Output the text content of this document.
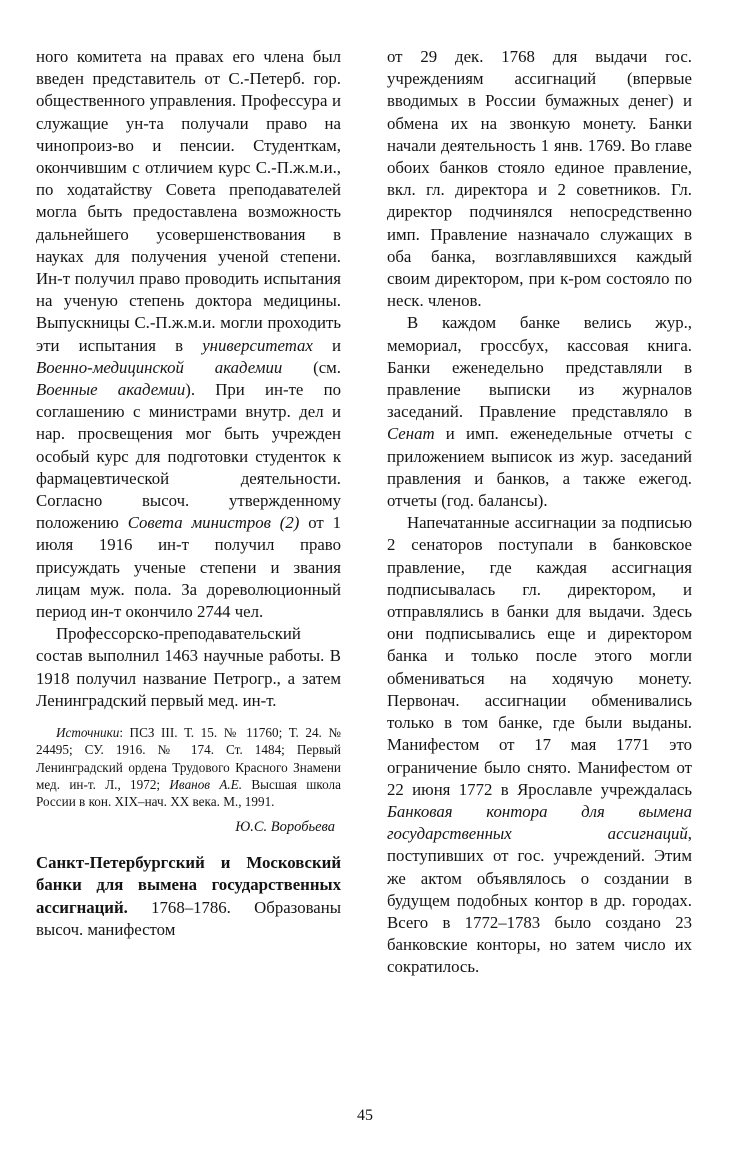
ного комитета на правах его члена был введен представитель от С.-Петерб. гор. общественного управления. Профессура и служащие ун-та получали право на чинопроиз-во и пенсии. Студенткам, окончившим с отличием курс С.-П.ж.м.и., по ходатайству Совета преподавателей могла быть предоставлена возможность дальнейшего усовершенствования в науках для получения ученой степени. Ин-т получил право проводить испытания на ученую степень доктора медицины. Выпускницы С.-П.ж.м.и. могли проходить эти испытания в университетах и Военно-медицинской академии (см. Военные академии). При ин-те по соглашению с министрами внутр. дел и нар. просвещения мог быть учрежден особый курс для подготовки студенток к фармацевтической деятельности. Согласно высоч. утвержденному положению Совета министров (2) от 1 июля 1916 ин-т получил право присуждать ученые степени и звания лицам муж. пола. За дореволюционный период ин-т окончило 2744 чел.

Профессорско-преподавательский состав выполнил 1463 научные работы. В 1918 получил название Петрогр., а затем Ленинградский первый мед. ин-т.

Источники: ПСЗ III. Т. 15. № 11760; Т. 24. № 24495; СУ. 1916. № 174. Ст. 1484; Первый Ленинградский ордена Трудового Красного Знамени мед. ин-т. Л., 1972; Иванов А.Е. Высшая школа России в кон. XIX–нач. XX века. М., 1991.

Ю.С. Воробьева

Санкт-Петербургский и Московский банки для вымена государственных ассигнаций. 1768–1786. Образованы высоч. манифестом

от 29 дек. 1768 для выдачи гос. учреждениям ассигнаций (впервые вводимых в России бумажных денег) и обмена их на звонкую монету. Банки начали деятельность 1 янв. 1769. Во главе обоих банков стояло единое правление, вкл. гл. директора и 2 советников. Гл. директор подчинялся непосредственно имп. Правление назначало служащих в оба банка, возглавлявшихся каждый своим директором, при к-ром состояло по неск. членов.

В каждом банке велись жур., мемориал, гроссбух, кассовая книга. Банки еженедельно представляли в правление выписки из журналов заседаний. Правление представляло в Сенат и имп. еженедельные отчеты с приложением выписок из жур. заседаний правления и банков, а также ежегод. отчеты (год. балансы).

Напечатанные ассигнации за подписью 2 сенаторов поступали в банковское правление, где каждая ассигнация подписывалась гл. директором, и отправлялись в банки для выдачи. Здесь они подписывались еще и директором банка и только после этого могли обмениваться на ходячую монету. Первонач. ассигнации обменивались только в том банке, где были выданы. Манифестом от 17 мая 1771 это ограничение было снято. Манифестом от 22 июня 1772 в Ярославле учреждалась Банковая контора для вымена государственных ассигнаций, поступивших от гос. учреждений. Этим же актом объявлялось о создании в будущем подобных контор в др. городах. Всего в 1772–1783 было создано 23 банковские конторы, но затем число их сократилось.

45
